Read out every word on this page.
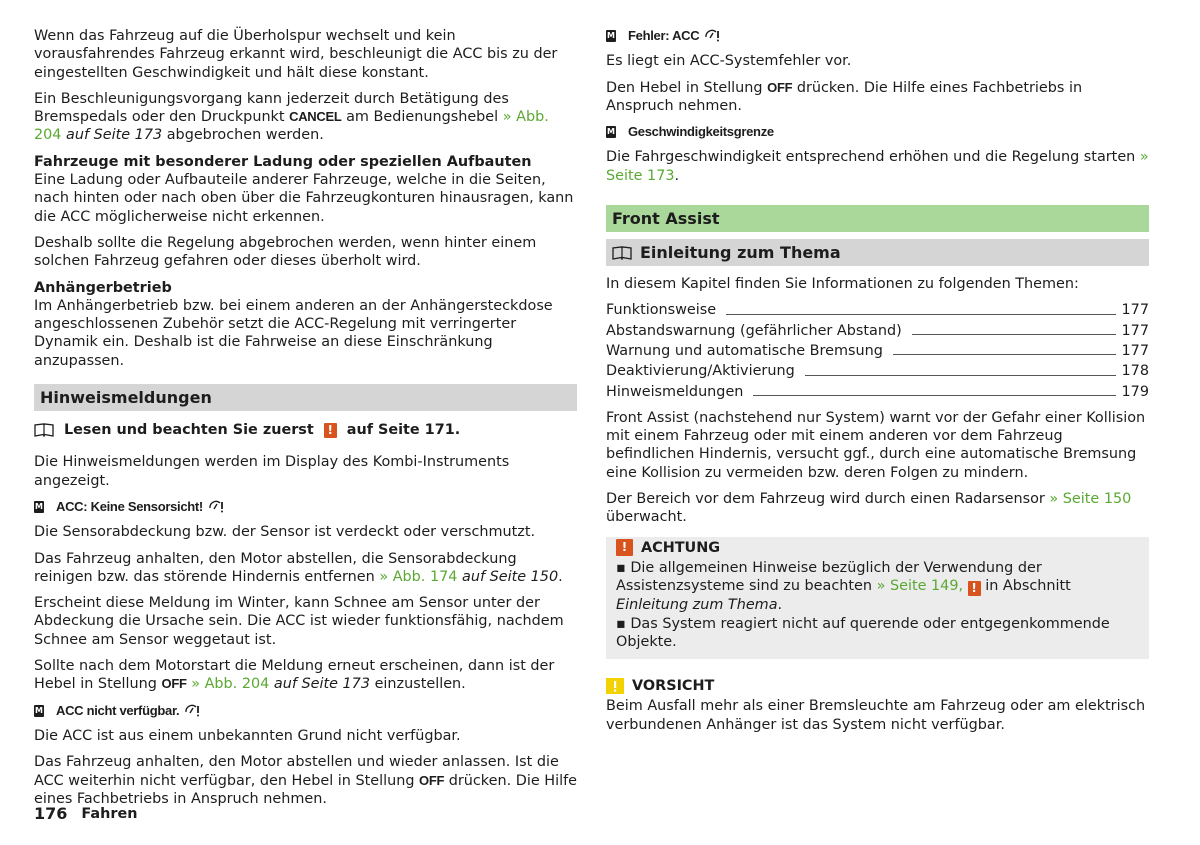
Wenn das Fahrzeug auf die Überholspur wechselt und kein vorausfahrendes Fahrzeug erkannt wird, beschleunigt die ACC bis zu der eingestellten Geschwindigkeit und hält diese konstant.

Ein Beschleunigungsvorgang kann jederzeit durch Betätigung des Bremspedals oder den Druckpunkt CANCEL am Bedienungshebel » Abb. 204 auf Seite 173 abgebrochen werden.

Fahrzeuge mit besonderer Ladung oder speziellen Aufbauten

Eine Ladung oder Aufbauteile anderer Fahrzeuge, welche in die Seiten, nach hinten oder nach oben über die Fahrzeugkonturen hinausragen, kann die ACC möglicherweise nicht erkennen.

Deshalb sollte die Regelung abgebrochen werden, wenn hinter einem solchen Fahrzeug gefahren oder dieses überholt wird.

Anhängerbetrieb

Im Anhängerbetrieb bzw. bei einem anderen an der Anhängersteckdose angeschlossenen Zubehör setzt die ACC-Regelung mit verringerter Dynamik ein. Deshalb ist die Fahrweise an diese Einschränkung anzupassen.

Hinweismeldungen
Lesen und beachten Sie zuerst	! auf Seite 171.

Die Hinweismeldungen werden im Display des Kombi-Instruments angezeigt.

M ACC: Keine Sensorsicht!

Die Sensorabdeckung bzw. der Sensor ist verdeckt oder verschmutzt.

Das Fahrzeug anhalten, den Motor abstellen, die Sensorabdeckung reinigen bzw. das störende Hindernis entfernen » Abb. 174 auf Seite 150.

Erscheint diese Meldung im Winter, kann Schnee am Sensor unter der Abdeckung die Ursache sein. Die ACC ist wieder funktionsfähig, nachdem Schnee am Sensor weggetaut ist.

Sollte nach dem Motorstart die Meldung erneut erscheinen, dann ist der Hebel in Stellung OFF » Abb. 204 auf Seite 173 einzustellen.

M ACC nicht verfügbar.

Die ACC ist aus einem unbekannten Grund nicht verfügbar.

Das Fahrzeug anhalten, den Motor abstellen und wieder anlassen. Ist die ACC weiterhin nicht verfügbar, den Hebel in Stellung OFF drücken. Die Hilfe eines Fachbetriebs in Anspruch nehmen.

M Fehler: ACC

Es liegt ein ACC-Systemfehler vor.

Den Hebel in Stellung OFF drücken. Die Hilfe eines Fachbetriebs in Anspruch nehmen.

M Geschwindigkeitsgrenze

Die Fahrgeschwindigkeit entsprechend erhöhen und die Regelung starten » Seite 173.

Front Assist
Einleitung zum Thema

In diesem Kapitel finden Sie Informationen zu folgenden Themen:

Funktionsweise	177
Abstandswarnung (gefährlicher Abstand)	177
Warnung und automatische Bremsung	177
Deaktivierung/Aktivierung	178
Hinweismeldungen	179

Front Assist (nachstehend nur System) warnt vor der Gefahr einer Kollision mit einem Fahrzeug oder mit einem anderen vor dem Fahrzeug befindlichen Hindernis, versucht ggf., durch eine automatische Bremsung eine Kollision zu vermeiden bzw. deren Folgen zu mindern.

Der Bereich vor dem Fahrzeug wird durch einen Radarsensor » Seite 150 überwacht.

! ACHTUNG

▪ Die allgemeinen Hinweise bezüglich der Verwendung der Assistenzsysteme sind zu beachten » Seite 149, ! in Abschnitt Einleitung zum Thema.

▪ Das System reagiert nicht auf querende oder entgegenkommende Objekte.

VORSICHT

Beim Ausfall mehr als einer Bremsleuchte am Fahrzeug oder am elektrisch verbundenen Anhänger ist das System nicht verfügbar.

176 Fahren
